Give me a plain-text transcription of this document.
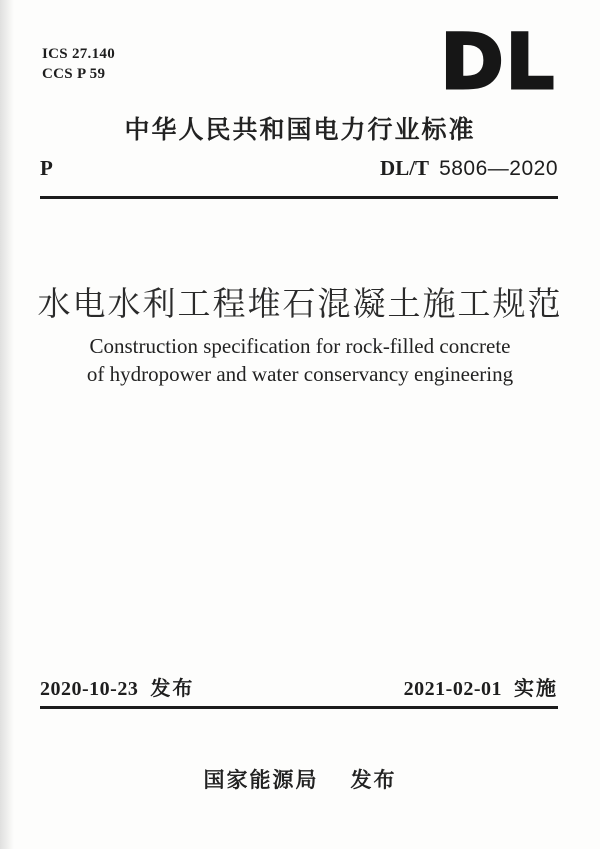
ICS 27.140
CCS P 59	DL
中华人民共和国电力行业标准
P	DL/T 5806—2020
水电水利工程堆石混凝土施工规范
Construction specification for rock-filled concrete
of hydropower and water conservancy engineering
2020-10-23 发布	2021-02-01 实施
国家能源局 发布
